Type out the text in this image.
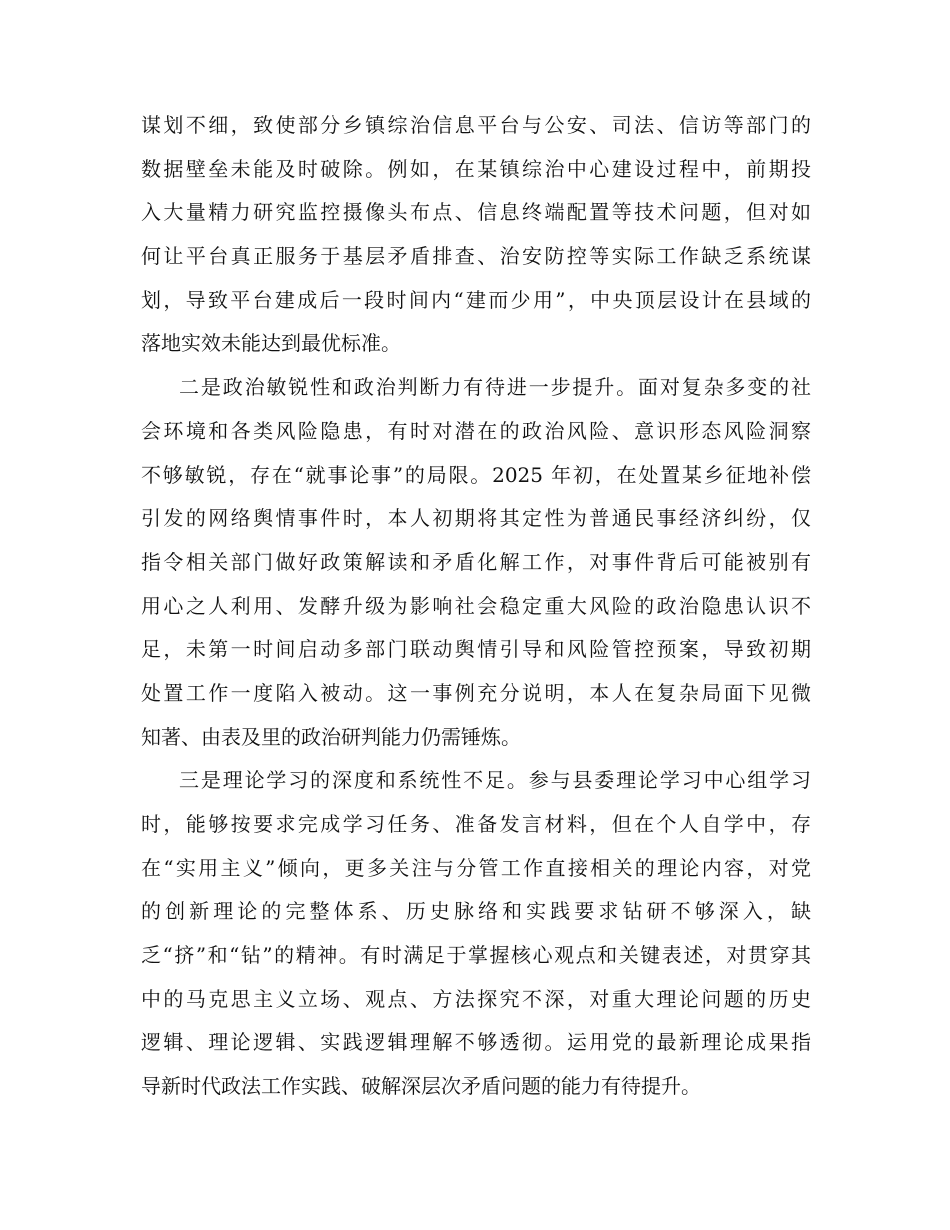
谋划不细，致使部分乡镇综治信息平台与公安、司法、信访等部门的
数据壁垒未能及时破除。例如，在某镇综治中心建设过程中，前期投
入大量精力研究监控摄像头布点、信息终端配置等技术问题，但对如
何让平台真正服务于基层矛盾排查、治安防控等实际工作缺乏系统谋
划，导致平台建成后一段时间内“建而少用”，中央顶层设计在县域的
落地实效未能达到最优标准。
二是政治敏锐性和政治判断力有待进一步提升。面对复杂多变的社
会环境和各类风险隐患，有时对潜在的政治风险、意识形态风险洞察
不够敏锐，存在“就事论事”的局限。2025 年初，在处置某乡征地补偿
引发的网络舆情事件时，本人初期将其定性为普通民事经济纠纷，仅
指令相关部门做好政策解读和矛盾化解工作，对事件背后可能被别有
用心之人利用、发酵升级为影响社会稳定重大风险的政治隐患认识不
足，未第一时间启动多部门联动舆情引导和风险管控预案，导致初期
处置工作一度陷入被动。这一事例充分说明，本人在复杂局面下见微
知著、由表及里的政治研判能力仍需锤炼。
三是理论学习的深度和系统性不足。参与县委理论学习中心组学习
时，能够按要求完成学习任务、准备发言材料，但在个人自学中，存
在“实用主义”倾向，更多关注与分管工作直接相关的理论内容，对党
的创新理论的完整体系、历史脉络和实践要求钻研不够深入，缺
乏“挤”和“钻”的精神。有时满足于掌握核心观点和关键表述，对贯穿其
中的马克思主义立场、观点、方法探究不深，对重大理论问题的历史
逻辑、理论逻辑、实践逻辑理解不够透彻。运用党的最新理论成果指
导新时代政法工作实践、破解深层次矛盾问题的能力有待提升。
